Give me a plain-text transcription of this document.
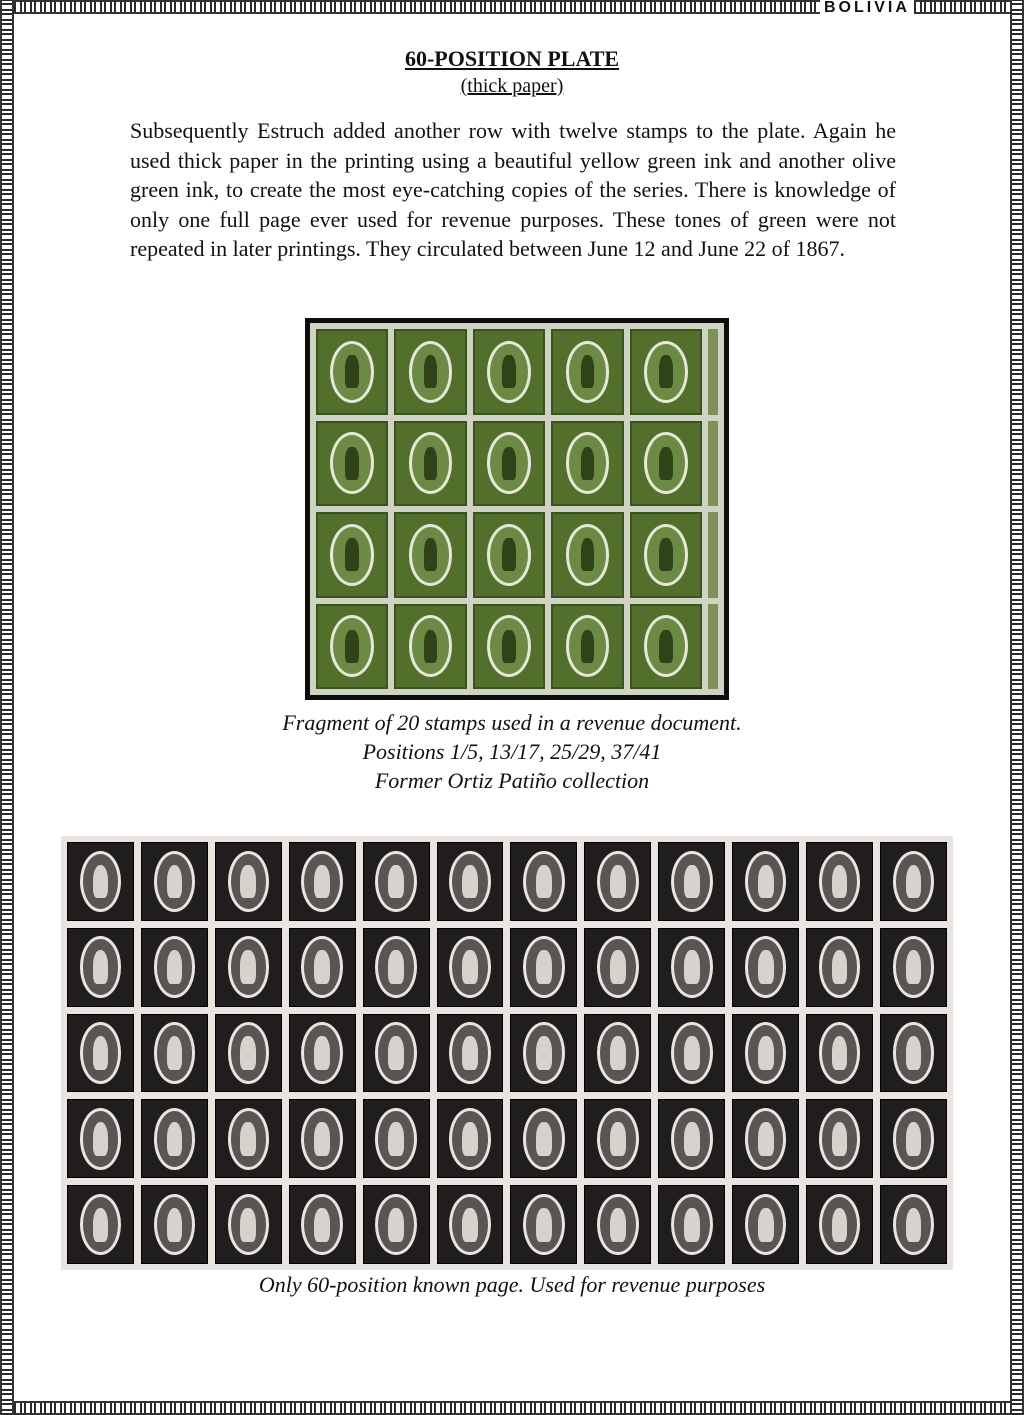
BOLIVIA
60-POSITION PLATE
(thick paper)

Subsequently Estruch added another row with twelve stamps to the plate. Again he used thick paper in the printing using a beautiful yellow green ink and another olive green ink, to create the most eye-catching copies of the series. There is knowledge of only one full page ever used for revenue purposes. These tones of green were not repeated in later printings. They circulated between June 12 and June 22 of 1867.

Fragment of 20 stamps used in a revenue document.
Positions 1/5, 13/17, 25/29, 37/41
Former Ortiz Patiño collection
Only 60-position known page. Used for revenue purposes
